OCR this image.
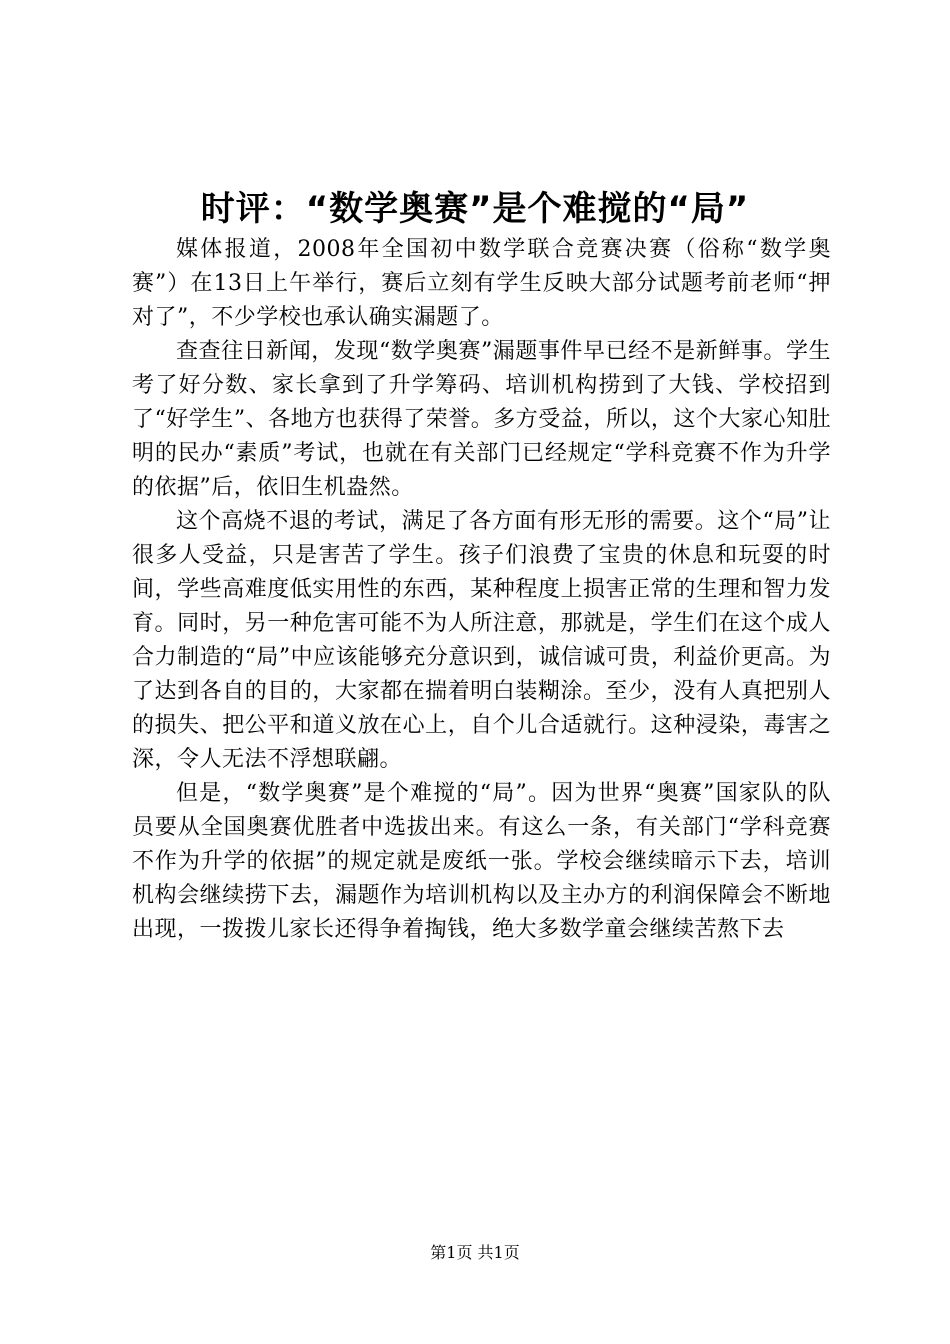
时评：“数学奥赛”是个难搅的“局”

媒体报道，2008年全国初中数学联合竞赛决赛（俗称“数学奥赛”）在13日上午举行，赛后立刻有学生反映大部分试题考前老师“押对了”，不少学校也承认确实漏题了。

查查往日新闻，发现“数学奥赛”漏题事件早已经不是新鲜事。学生考了好分数、家长拿到了升学筹码、培训机构捞到了大钱、学校招到了“好学生”、各地方也获得了荣誉。多方受益，所以，这个大家心知肚明的民办“素质”考试，也就在有关部门已经规定“学科竞赛不作为升学的依据”后，依旧生机盎然。

这个高烧不退的考试，满足了各方面有形无形的需要。这个“局”让很多人受益，只是害苦了学生。孩子们浪费了宝贵的休息和玩耍的时间，学些高难度低实用性的东西，某种程度上损害正常的生理和智力发育。同时，另一种危害可能不为人所注意，那就是，学生们在这个成人合力制造的“局”中应该能够充分意识到，诚信诚可贵，利益价更高。为了达到各自的目的，大家都在揣着明白装糊涂。至少，没有人真把别人的损失、把公平和道义放在心上，自个儿合适就行。这种浸染，毒害之深，令人无法不浮想联翩。

但是，“数学奥赛”是个难搅的“局”。因为世界“奥赛”国家队的队员要从全国奥赛优胜者中选拔出来。有这么一条，有关部门“学科竞赛不作为升学的依据”的规定就是废纸一张。学校会继续暗示下去，培训机构会继续捞下去，漏题作为培训机构以及主办方的利润保障会不断地出现，一拨拨儿家长还得争着掏钱，绝大多数学童会继续苦熬下去

第1页 共1页
